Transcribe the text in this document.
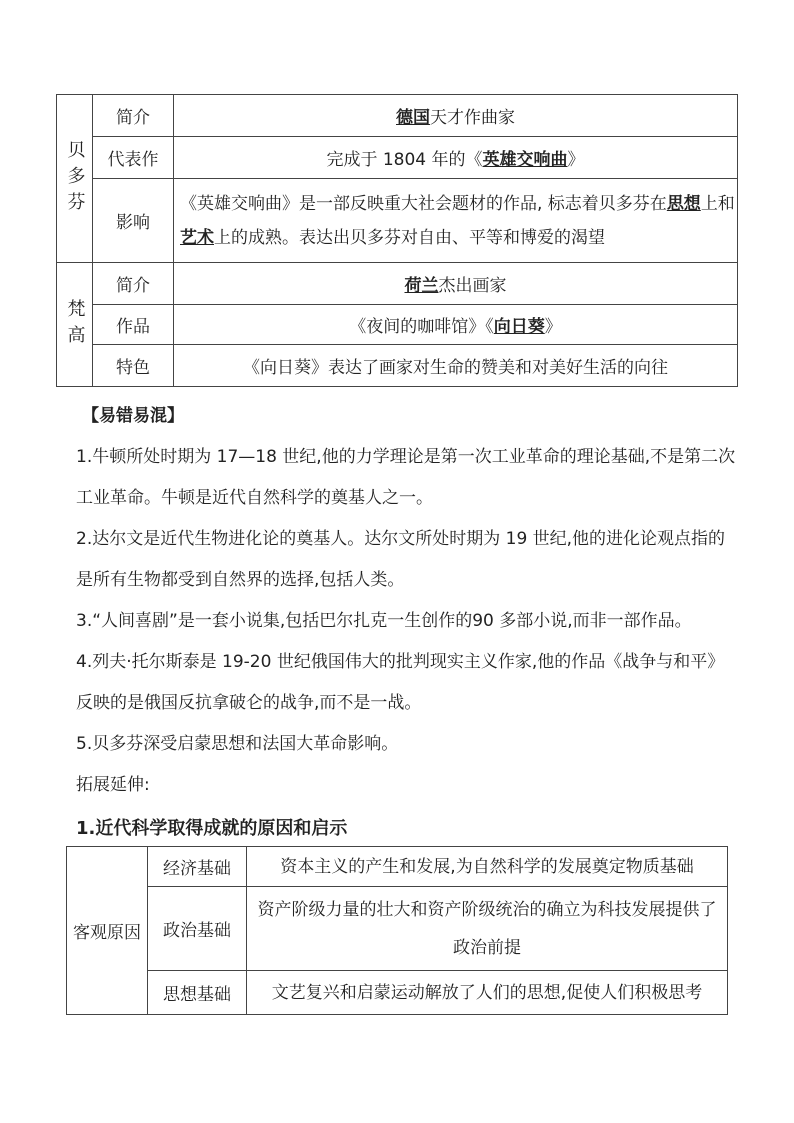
贝多芬	简介	德国天才作曲家
	代表作	完成于 1804 年的《英雄交响曲》
	影响	《英雄交响曲》是一部反映重大社会题材的作品, 标志着贝多芬在思想上和艺术上的成熟。表达出贝多芬对自由、平等和博爱的渴望
梵高	简介	荷兰杰出画家
	作品	《夜间的咖啡馆》《向日葵》
	特色	《向日葵》表达了画家对生命的赞美和对美好生活的向往

【易错易混】

1.牛顿所处时期为 17—18 世纪,他的力学理论是第一次工业革命的理论基础,不是第二次工业革命。牛顿是近代自然科学的奠基人之一。

2.达尔文是近代生物进化论的奠基人。达尔文所处时期为 19 世纪,他的进化论观点指的是所有生物都受到自然界的选择,包括人类。

3.“人间喜剧”是一套小说集,包括巴尔扎克一生创作的90 多部小说,而非一部作品。

4.列夫·托尔斯泰是 19-20 世纪俄国伟大的批判现实主义作家,他的作品《战争与和平》反映的是俄国反抗拿破仑的战争,而不是一战。

5.贝多芬深受启蒙思想和法国大革命影响。

拓展延伸:
1.近代科学取得成就的原因和启示
客观原因	经济基础	资本主义的产生和发展,为自然科学的发展奠定物质基础
	政治基础	资产阶级力量的壮大和资产阶级统治的确立为科技发展提供了政治前提
	思想基础	文艺复兴和启蒙运动解放了人们的思想,促使人们积极思考
